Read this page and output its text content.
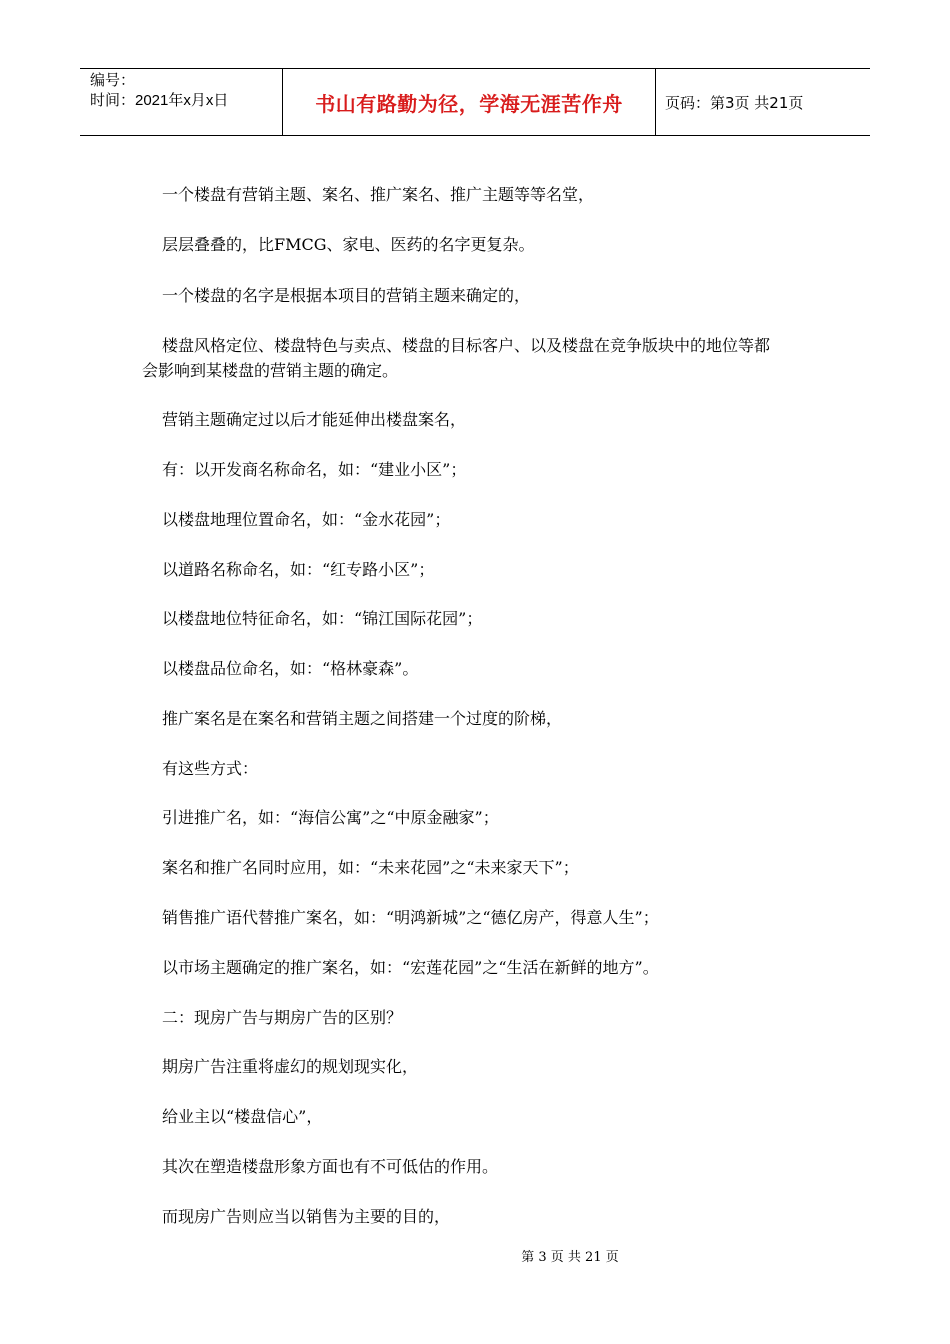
编号：
时间：2021年x月x日	书山有路勤为径，学海无涯苦作舟	页码：第3页 共21页
一个楼盘有营销主题、案名、推广案名、推广主题等等名堂，
层层叠叠的，比FMCG、家电、医药的名字更复杂。
一个楼盘的名字是根据本项目的营销主题来确定的，
楼盘风格定位、楼盘特色与卖点、楼盘的目标客户、以及楼盘在竞争版块中的地位等都
会影响到某楼盘的营销主题的确定。
营销主题确定过以后才能延伸出楼盘案名，
有：以开发商名称命名，如：“建业小区”；
以楼盘地理位置命名，如：“金水花园”；
以道路名称命名，如：“红专路小区”；
以楼盘地位特征命名，如：“锦江国际花园”；
以楼盘品位命名，如：“格林豪森”。
推广案名是在案名和营销主题之间搭建一个过度的阶梯，
有这些方式：
引进推广名，如：“海信公寓”之“中原金融家”；
案名和推广名同时应用，如：“未来花园”之“未来家天下”；
销售推广语代替推广案名，如：“明鸿新城”之“德亿房产，得意人生”；
以市场主题确定的推广案名，如：“宏莲花园”之“生活在新鲜的地方”。
二：现房广告与期房广告的区别？
期房广告注重将虚幻的规划现实化，
给业主以“楼盘信心”，
其次在塑造楼盘形象方面也有不可低估的作用。
而现房广告则应当以销售为主要的目的，
第 3 页 共 21 页
